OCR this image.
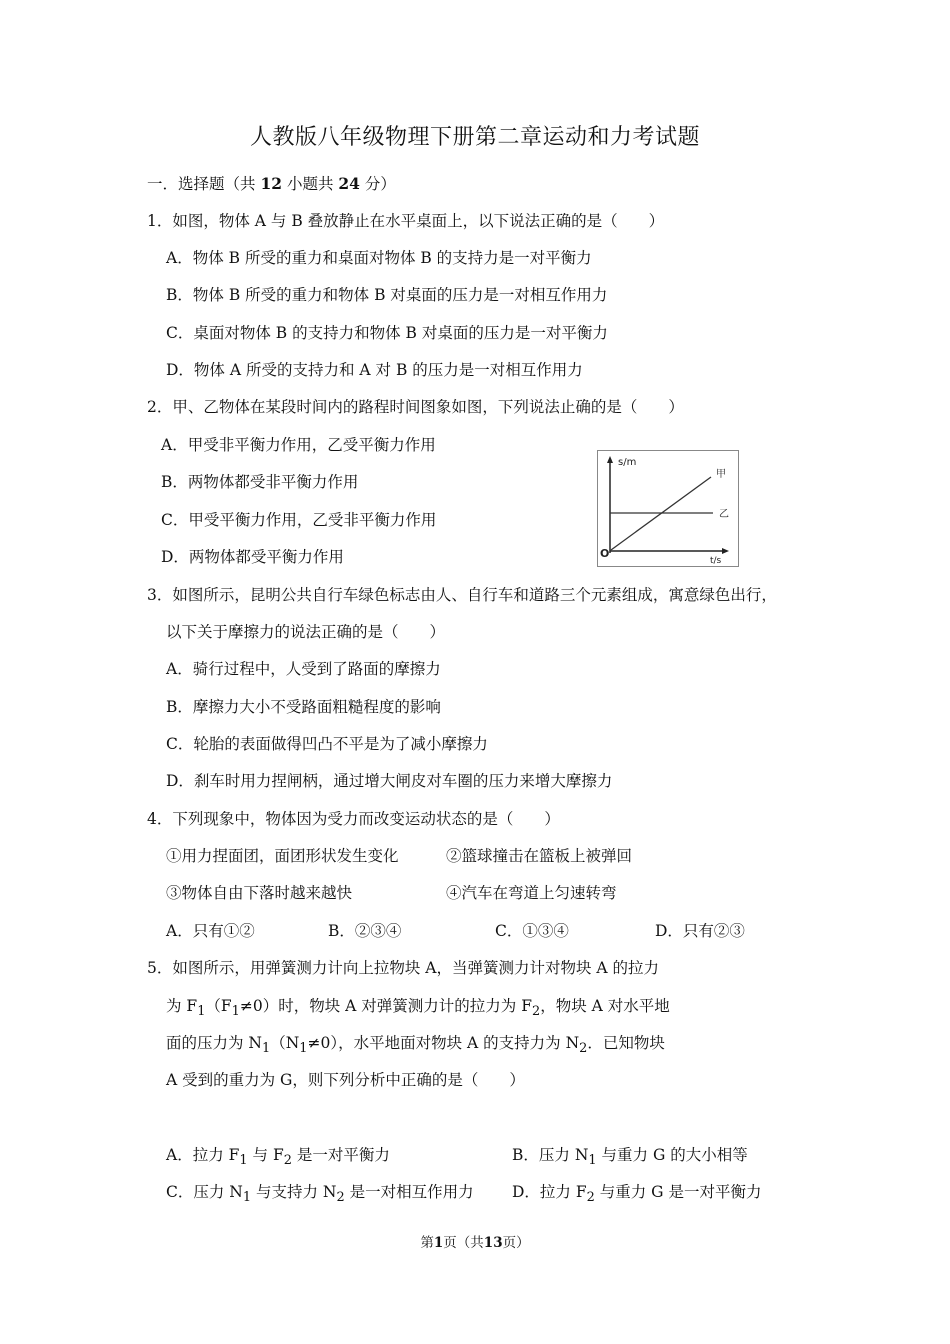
人教版八年级物理下册第二章运动和力考试题
一．选择题（共 12 小题共 24 分）
1．如图，物体 A 与 B 叠放静止在水平桌面上，以下说法正确的是（　　）
A．物体 B 所受的重力和桌面对物体 B 的支持力是一对平衡力
B．物体 B 所受的重力和物体 B 对桌面的压力是一对相互作用力
C．桌面对物体 B 的支持力和物体 B 对桌面的压力是一对平衡力
D．物体 A 所受的支持力和 A 对 B 的压力是一对相互作用力
2．甲、乙物体在某段时间内的路程时间图象如图，下列说法止确的是（　　）
A．甲受非平衡力作用，乙受平衡力作用
B．两物体都受非平衡力作用
C．甲受平衡力作用，乙受非平衡力作用
D．两物体都受平衡力作用
s/m
t/s
O
甲
乙
3．如图所示，昆明公共自行车绿色标志由人、自行车和道路三个元素组成，寓意绿色出行，
以下关于摩擦力的说法正确的是（　　）
A．骑行过程中，人受到了路面的摩擦力
B．摩擦力大小不受路面粗糙程度的影响
C．轮胎的表面做得凹凸不平是为了减小摩擦力
D．刹车时用力捏闸柄，通过增大闸皮对车圈的压力来增大摩擦力
4．下列现象中，物体因为受力而改变运动状态的是（　　）
①用力捏面团，面团形状发生变化	②篮球撞击在篮板上被弹回
③物体自由下落时越来越快	④汽车在弯道上匀速转弯
A．只有①②	B．②③④	C．①③④	D．只有②③
5．如图所示，用弹簧测力计向上拉物块 A，当弹簧测力计对物块 A 的拉力
为 $F_1(F_1\ne 0)$时，物块 A 对弹簧测力计的拉力为 $F_2$，物块 A 对水平地
面的压力为 $N_1(N_1\ne 0)$，水平地面对物块 A 的支持力为 $N_2$．已知物块
A 受到的重力为 G，则下列分析中正确的是（　　）
A．拉力 $F_1$ 与 $F_2$ 是一对平衡力	B．压力 $N_1$ 与重力 G 的大小相等
C．压力 $N_1$ 与支持力 $N_2$ 是一对相互作用力 D．拉力 $F_2$ 与重力 G 是一对平衡力
第1页（共13页）
